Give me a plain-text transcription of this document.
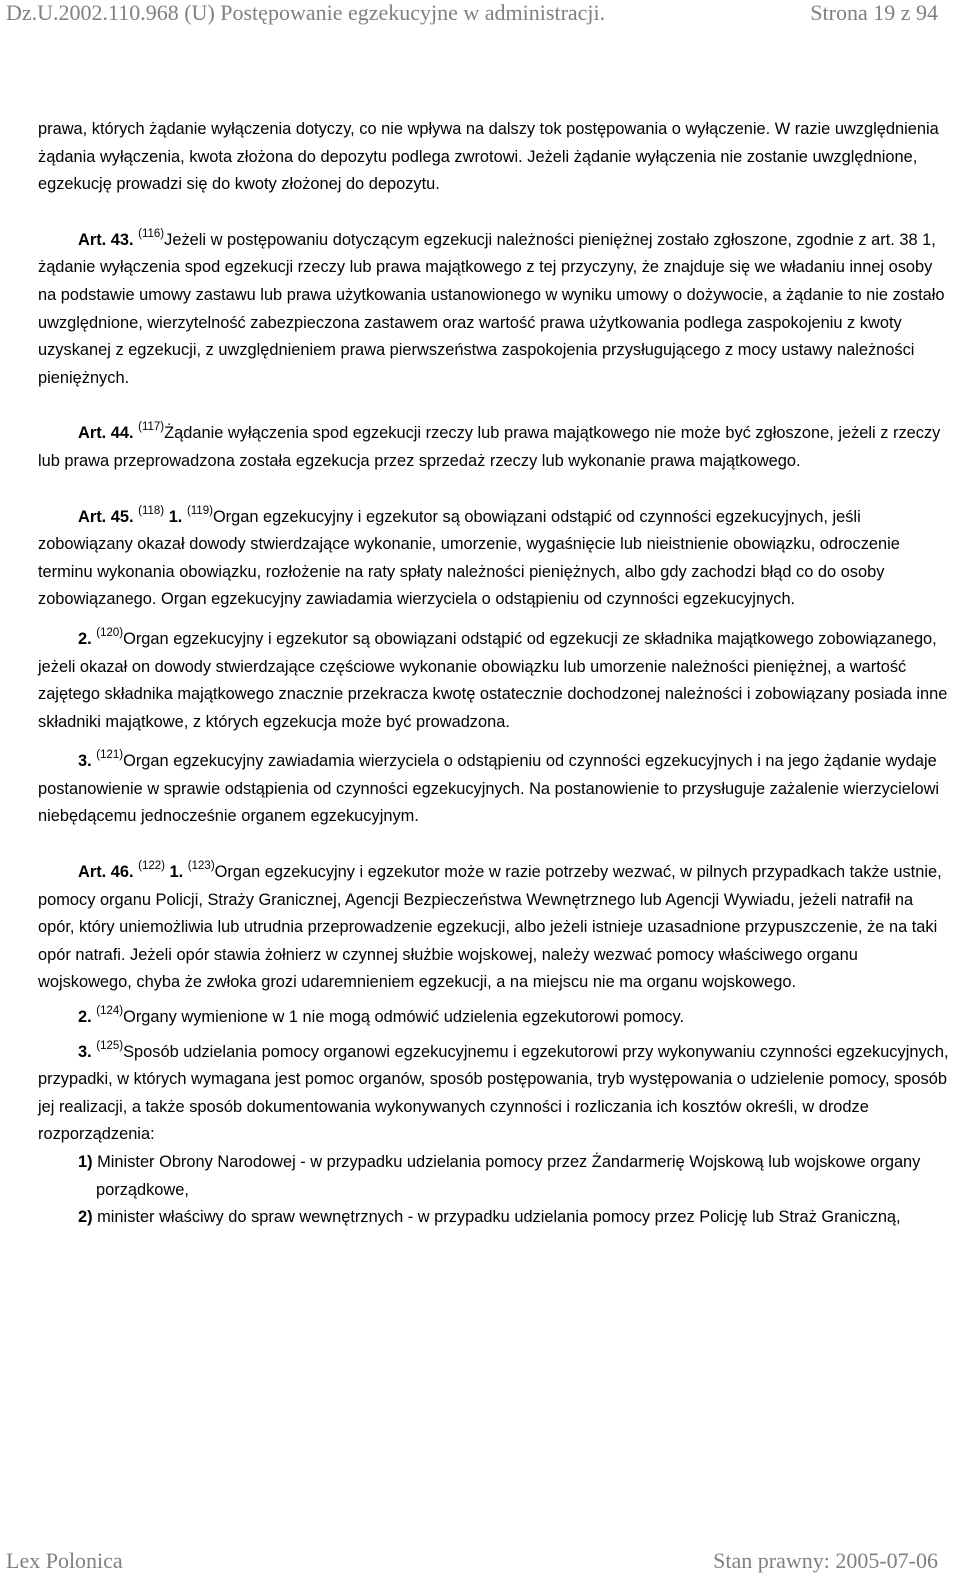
Dz.U.2002.110.968 (U) Postępowanie egzekucyjne w administracji.	Strona 19 z 94

prawa, których żądanie wyłączenia dotyczy, co nie wpływa na dalszy tok postępowania o wyłączenie. W razie uwzględnienia żądania wyłączenia, kwota złożona do depozytu podlega zwrotowi. Jeżeli żądanie wyłączenia nie zostanie uwzględnione, egzekucję prowadzi się do kwoty złożonej do depozytu.

Art. 43. $^{(116)}$Jeżeli w postępowaniu dotyczącym egzekucji należności pieniężnej zostało zgłoszone, zgodnie z art. 38 1, żądanie wyłączenia spod egzekucji rzeczy lub prawa majątkowego z tej przyczyny, że znajduje się we władaniu innej osoby na podstawie umowy zastawu lub prawa użytkowania ustanowionego w wyniku umowy o dożywocie, a żądanie to nie zostało uwzględnione, wierzytelność zabezpieczona zastawem oraz wartość prawa użytkowania podlega zaspokojeniu z kwoty uzyskanej z egzekucji, z uwzględnieniem prawa pierwszeństwa zaspokojenia przysługującego z mocy ustawy należności pieniężnych.

Art. 44. $^{(117)}$Żądanie wyłączenia spod egzekucji rzeczy lub prawa majątkowego nie może być zgłoszone, jeżeli z rzeczy lub prawa przeprowadzona została egzekucja przez sprzedaż rzeczy lub wykonanie prawa majątkowego.

Art. 45. $^{(118)}$ 1. $^{(119)}$Organ egzekucyjny i egzekutor są obowiązani odstąpić od czynności egzekucyjnych, jeśli zobowiązany okazał dowody stwierdzające wykonanie, umorzenie, wygaśnięcie lub nieistnienie obowiązku, odroczenie terminu wykonania obowiązku, rozłożenie na raty spłaty należności pieniężnych, albo gdy zachodzi błąd co do osoby zobowiązanego. Organ egzekucyjny zawiadamia wierzyciela o odstąpieniu od czynności egzekucyjnych.

2. $^{(120)}$Organ egzekucyjny i egzekutor są obowiązani odstąpić od egzekucji ze składnika majątkowego zobowiązanego, jeżeli okazał on dowody stwierdzające częściowe wykonanie obowiązku lub umorzenie należności pieniężnej, a wartość zajętego składnika majątkowego znacznie przekracza kwotę ostatecznie dochodzonej należności i zobowiązany posiada inne składniki majątkowe, z których egzekucja może być prowadzona.

3. $^{(121)}$Organ egzekucyjny zawiadamia wierzyciela o odstąpieniu od czynności egzekucyjnych i na jego żądanie wydaje postanowienie w sprawie odstąpienia od czynności egzekucyjnych. Na postanowienie to przysługuje zażalenie wierzycielowi niebędącemu jednocześnie organem egzekucyjnym.

Art. 46. $^{(122)}$ 1. $^{(123)}$Organ egzekucyjny i egzekutor może w razie potrzeby wezwać, w pilnych przypadkach także ustnie, pomocy organu Policji, Straży Granicznej, Agencji Bezpieczeństwa Wewnętrznego lub Agencji Wywiadu, jeżeli natrafił na opór, który uniemożliwia lub utrudnia przeprowadzenie egzekucji, albo jeżeli istnieje uzasadnione przypuszczenie, że na taki opór natrafi. Jeżeli opór stawia żołnierz w czynnej służbie wojskowej, należy wezwać pomocy właściwego organu wojskowego, chyba że zwłoka grozi udaremnieniem egzekucji, a na miejscu nie ma organu wojskowego.

2. $^{(124)}$Organy wymienione w 1 nie mogą odmówić udzielenia egzekutorowi pomocy.

3. $^{(125)}$Sposób udzielania pomocy organowi egzekucyjnemu i egzekutorowi przy wykonywaniu czynności egzekucyjnych, przypadki, w których wymagana jest pomoc organów, sposób postępowania, tryb występowania o udzielenie pomocy, sposób jej realizacji, a także sposób dokumentowania wykonywanych czynności i rozliczania ich kosztów określi, w drodze rozporządzenia:

1) Minister Obrony Narodowej - w przypadku udzielania pomocy przez Żandarmerię Wojskową lub wojskowe organy porządkowe,

2) minister właściwy do spraw wewnętrznych - w przypadku udzielania pomocy przez Policję lub Straż Graniczną,

Lex Polonica	Stan prawny: 2005-07-06
